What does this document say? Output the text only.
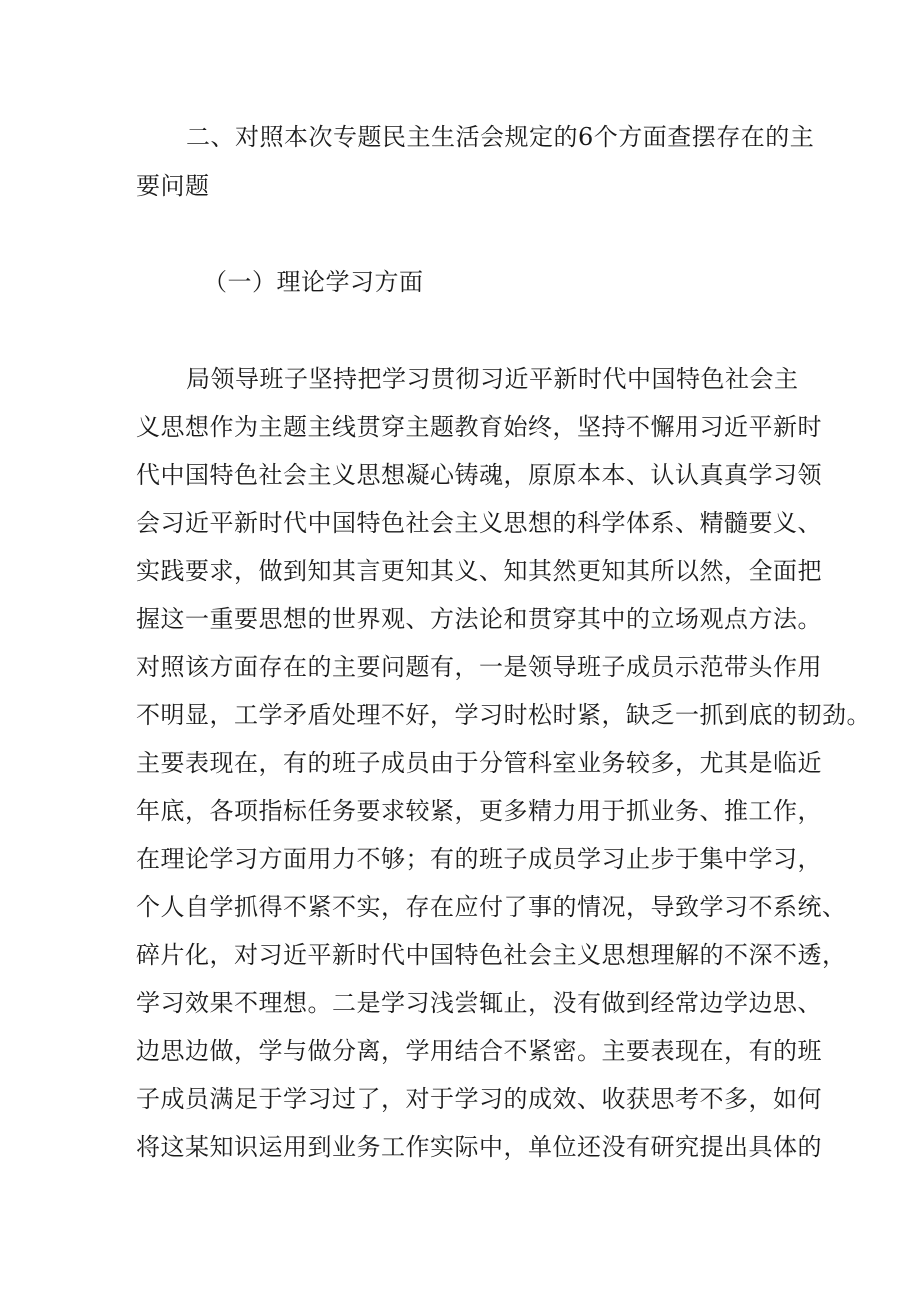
二、对照本次专题民主生活会规定的6个方面查摆存在的主
要问题
（一）理论学习方面
局领导班子坚持把学习贯彻习近平新时代中国特色社会主
义思想作为主题主线贯穿主题教育始终，坚持不懈用习近平新时
代中国特色社会主义思想凝心铸魂，原原本本、认认真真学习领
会习近平新时代中国特色社会主义思想的科学体系、精髓要义、
实践要求，做到知其言更知其义、知其然更知其所以然，全面把
握这一重要思想的世界观、方法论和贯穿其中的立场观点方法。
对照该方面存在的主要问题有，一是领导班子成员示范带头作用
不明显，工学矛盾处理不好，学习时松时紧，缺乏一抓到底的韧劲。
主要表现在，有的班子成员由于分管科室业务较多，尤其是临近
年底，各项指标任务要求较紧，更多精力用于抓业务、推工作，
在理论学习方面用力不够；有的班子成员学习止步于集中学习，
个人自学抓得不紧不实，存在应付了事的情况，导致学习不系统、
碎片化，对习近平新时代中国特色社会主义思想理解的不深不透，
学习效果不理想。二是学习浅尝辄止，没有做到经常边学边思、
边思边做，学与做分离，学用结合不紧密。主要表现在，有的班
子成员满足于学习过了，对于学习的成效、收获思考不多，如何
将这某知识运用到业务工作实际中，单位还没有研究提出具体的
